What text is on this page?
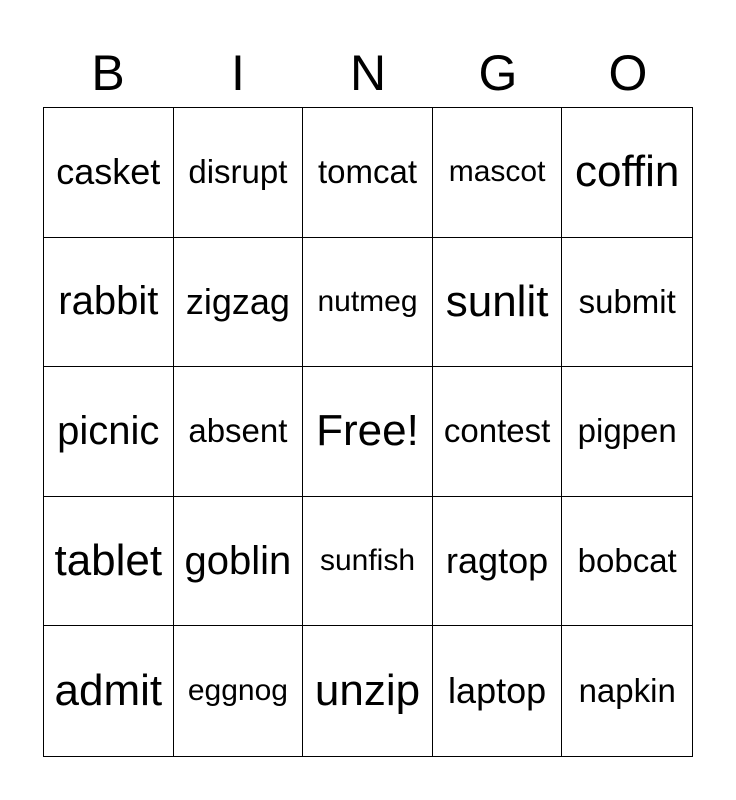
B	I	N	G	O
casket disrupt tomcat	mascot coffin
rabbit zigzag nutmeg sunlit submit
picnic absent Free! contest pigpen
tablet goblin sunfish ragtop bobcat
admit eggnog unzip laptop napkin
